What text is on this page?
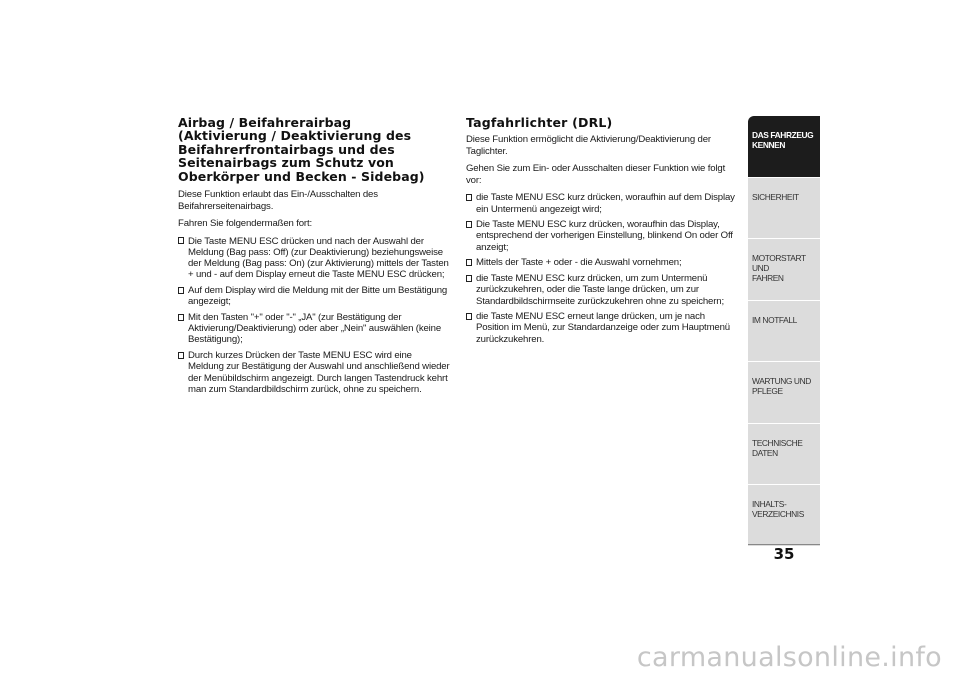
Airbag / Beifahrerairbag
(Aktivierung / Deaktivierung des
Beifahrerfrontairbags und des
Seitenairbags zum Schutz von
Oberkörper und Becken - Sidebag)

Diese Funktion erlaubt das Ein-/Ausschalten des Beifahrerseitenairbags.

Fahren Sie folgendermaßen fort:

Die Taste MENU ESC drücken und nach der Auswahl der Meldung (Bag pass: Off) (zur Deaktivierung) beziehungsweise der Meldung (Bag pass: On) (zur Aktivierung) mittels der Tasten + und - auf dem Display erneut die Taste MENU ESC drücken;
Auf dem Display wird die Meldung mit der Bitte um Bestätigung angezeigt;
Mit den Tasten "+" oder "-" „JA" (zur Bestätigung der Aktivierung/Deaktivierung) oder aber „Nein" auswählen (keine Bestätigung);
Durch kurzes Drücken der Taste MENU ESC wird eine Meldung zur Bestätigung der Auswahl und anschließend wieder der Menübildschirm angezeigt. Durch langen Tastendruck kehrt man zum Standardbildschirm zurück, ohne zu speichern.
Tagfahrlichter (DRL)

Diese Funktion ermöglicht die Aktivierung/Deaktivierung der Taglichter.

Gehen Sie zum Ein- oder Ausschalten dieser Funktion wie folgt vor:

die Taste MENU ESC kurz drücken, woraufhin auf dem Display ein Untermenü angezeigt wird;
Die Taste MENU ESC kurz drücken, woraufhin das Display, entsprechend der vorherigen Einstellung, blinkend On oder Off anzeigt;
Mittels der Taste + oder - die Auswahl vornehmen;
die Taste MENU ESC kurz drücken, um zum Untermenü zurückzukehren, oder die Taste lange drücken, um zur Standardbildschirmseite zurückzukehren ohne zu speichern;
die Taste MENU ESC erneut lange drücken, um je nach Position im Menü, zur Standardanzeige oder zum Hauptmenü zurückzukehren.
DAS FAHRZEUG
KENNEN
SICHERHEIT
MOTORSTART UND
FAHREN
IM NOTFALL
WARTUNG UND
PFLEGE
TECHNISCHE DATEN
INHALTS-
VERZEICHNIS
35
carmanualsonline.info
